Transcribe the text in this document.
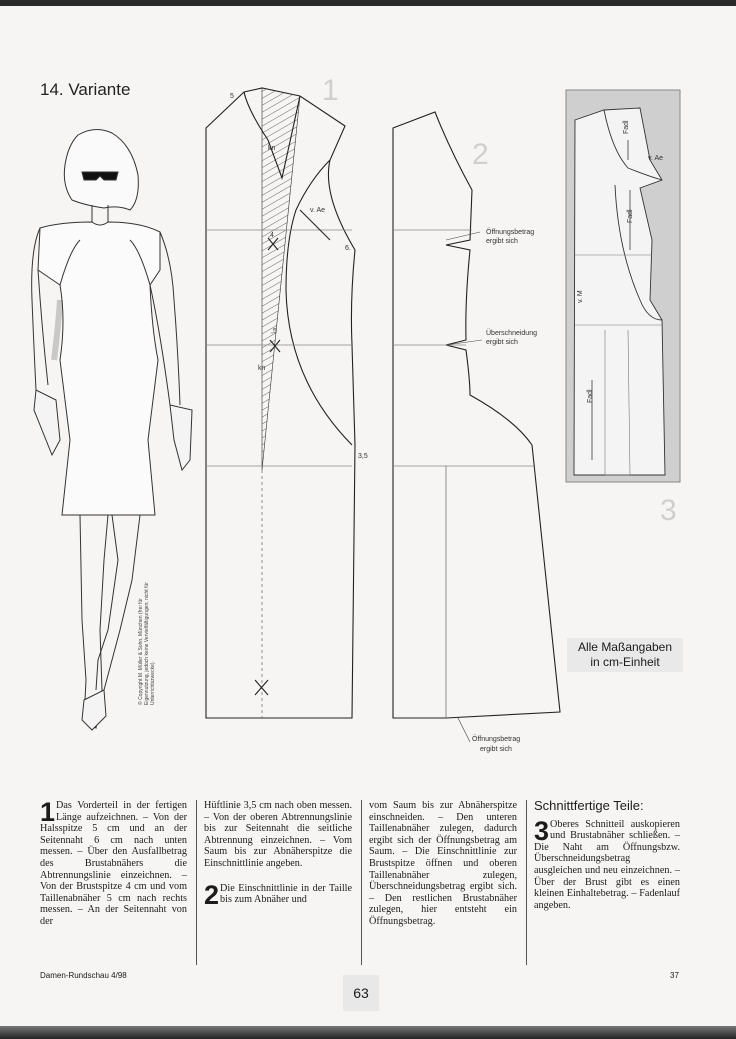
14. Variante	5
v. Ae
6.
,4
,5
3,5
kn
kn
1
2
Öffnungsbetrag
ergibt sich
Überschneidung
ergibt sich
Öffnungsbetrag
ergibt sich
Fadl
Fadl
v. M
v. Ae
Fadl
3
Alle Maßangaben
in cm-Einheit
© Copyright M. Müller & Sohn, München (frei für Eigennutzung, jedoch keine Vervielfältigungen; nicht für Unterrichtszwecke).

1 Das Vorderteil in der fertigen Länge aufzeichnen. – Von der Halsspitze 5 cm und an der Seitennaht 6 cm nach unten messen. – Über den Ausfallbetrag des Brustabnähers die Abtrennungslinie einzeichnen. – Von der Brustspitze 4 cm und vom Taillenabnäher 5 cm nach rechts messen. – An der Seitennaht von der

Hüftlinie 3,5 cm nach oben messen. – Von der oberen Abtrennungslinie bis zur Seitennaht die seitliche Abtrennung einzeichnen. – Vom Saum bis zur Abnäherspitze die Einschnittlinie angeben.

2 Die Einschnittlinie in der Taille bis zum Abnäher und

vom Saum bis zur Abnäherspitze einschneiden. – Den unteren Taillenabnäher zulegen, dadurch ergibt sich der Öffnungsbetrag am Saum. – Die Einschnittlinie zur Brustspitze öffnen und oberen Taillenabnäher zulegen, Überschneidungsbetrag ergibt sich. – Den restlichen Brustabnäher zulegen, hier entsteht ein Öffnungsbetrag.

Schnittfertige Teile:

3 Oberes Schnitteil auskopieren und Brustabnäher schließen. – Die Naht am Öffnungsbzw. Überschneidungsbetrag ausgleichen und neu einzeichnen. – Über der Brust gibt es einen kleinen Einhaltebetrag. – Fadenlauf angeben.

Damen-Rundschau 4/98	37
63
